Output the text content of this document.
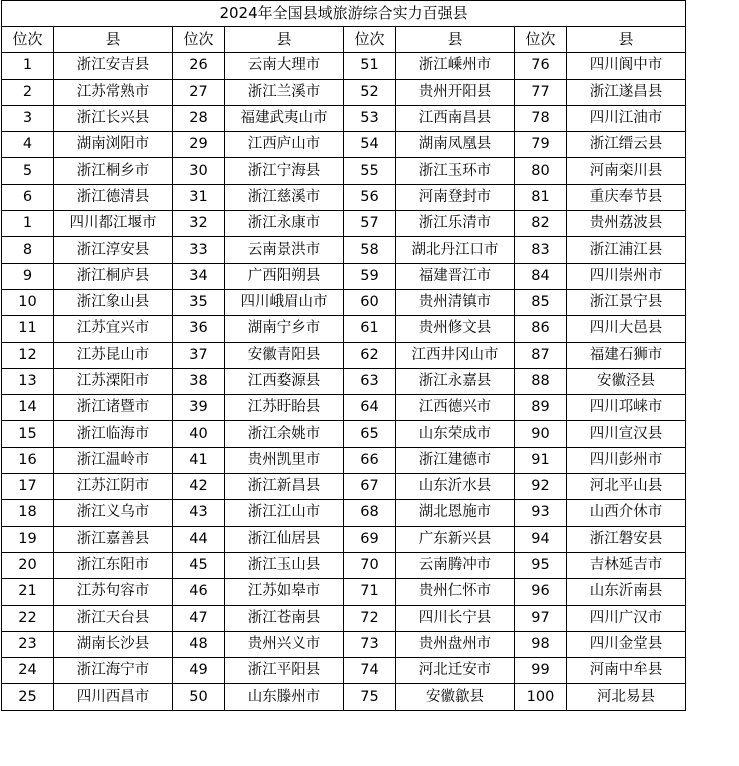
2024年全国县域旅游综合实力百强县							
位次	县	位次	县	位次	县	位次	县
1	浙江安吉县	26	云南大理市	51	浙江嵊州市	76	四川阆中市
2	江苏常熟市	27	浙江兰溪市	52	贵州开阳县	77	浙江遂昌县
3	浙江长兴县	28	福建武夷山市	53	江西南昌县	78	四川江油市
4	湖南浏阳市	29	江西庐山市	54	湖南凤凰县	79	浙江缙云县
5	浙江桐乡市	30	浙江宁海县	55	浙江玉环市	80	河南栾川县
6	浙江德清县	31	浙江慈溪市	56	河南登封市	81	重庆奉节县
1	四川都江堰市	32	浙江永康市	57	浙江乐清市	82	贵州荔波县
8	浙江淳安县	33	云南景洪市	58	湖北丹江口市	83	浙江浦江县
9	浙江桐庐县	34	广西阳朔县	59	福建晋江市	84	四川崇州市
10	浙江象山县	35	四川峨眉山市	60	贵州清镇市	85	浙江景宁县
11	江苏宜兴市	36	湖南宁乡市	61	贵州修文县	86	四川大邑县
12	江苏昆山市	37	安徽青阳县	62	江西井冈山市	87	福建石狮市
13	江苏溧阳市	38	江西婺源县	63	浙江永嘉县	88	安徽泾县
14	浙江诸暨市	39	江苏盱眙县	64	江西德兴市	89	四川邛崃市
15	浙江临海市	40	浙江余姚市	65	山东荣成市	90	四川宣汉县
16	浙江温岭市	41	贵州凯里市	66	浙江建德市	91	四川彭州市
17	江苏江阴市	42	浙江新昌县	67	山东沂水县	92	河北平山县
18	浙江义乌市	43	浙江江山市	68	湖北恩施市	93	山西介休市
19	浙江嘉善县	44	浙江仙居县	69	广东新兴县	94	浙江磐安县
20	浙江东阳市	45	浙江玉山县	70	云南腾冲市	95	吉林延吉市
21	江苏句容市	46	江苏如皋市	71	贵州仁怀市	96	山东沂南县
22	浙江天台县	47	浙江苍南县	72	四川长宁县	97	四川广汉市
23	湖南长沙县	48	贵州兴义市	73	贵州盘州市	98	四川金堂县
24	浙江海宁市	49	浙江平阳县	74	河北迁安市	99	河南中牟县
25	四川西昌市	50	山东滕州市	75	安徽歙县	100	河北易县
